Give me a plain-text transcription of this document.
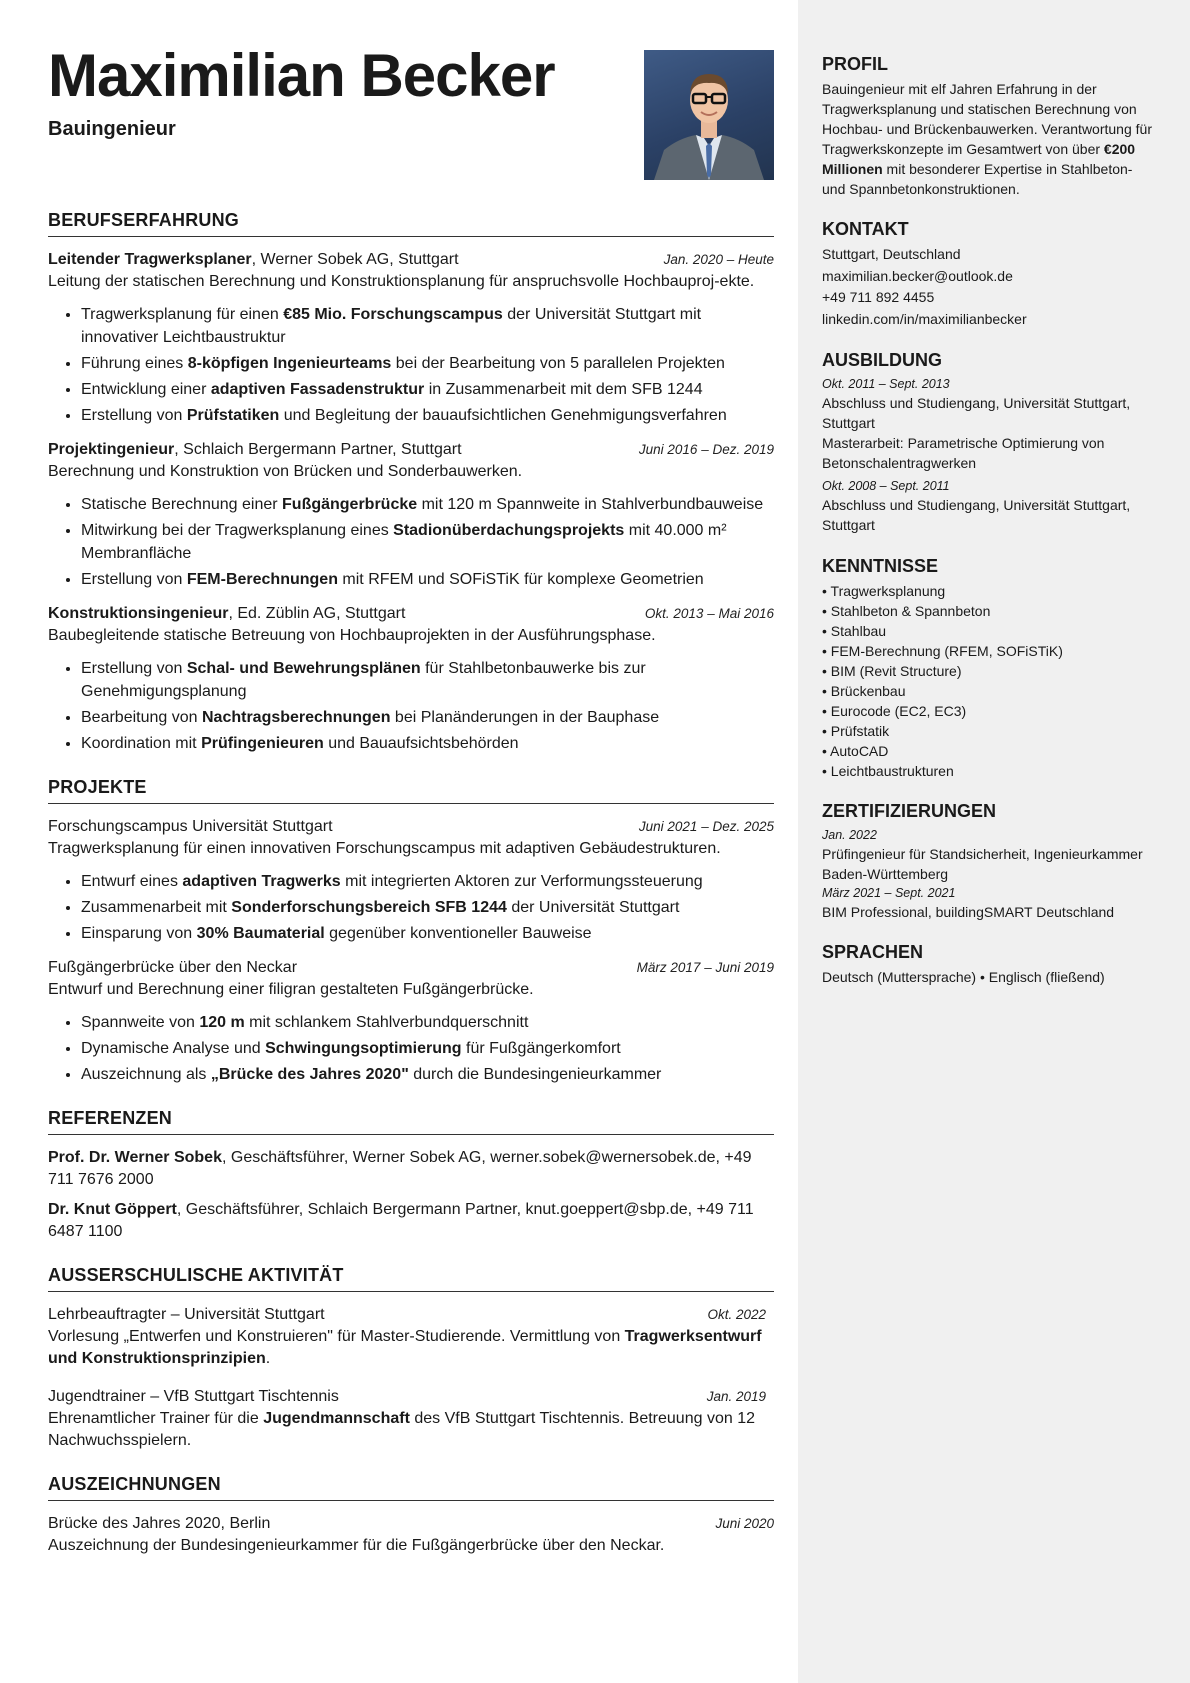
Maximilian Becker
Bauingenieur
BERUFSERFAHRUNG
Leitender Tragwerksplaner, Werner Sobek AG, Stuttgart	Jan. 2020 – Heute
Leitung der statischen Berechnung und Konstruktionsplanung für anspruchsvolle Hochbauproj-ekte.
• Tragwerksplanung für einen €85 Mio. Forschungscampus der Universität Stuttgart mit innovativer Leichtbaustruktur
• Führung eines 8-köpfigen Ingenieurteams bei der Bearbeitung von 5 parallelen Projekten
• Entwicklung einer adaptiven Fassadenstruktur in Zusammenarbeit mit dem SFB 1244
• Erstellung von Prüfstatiken und Begleitung der bauaufsichtlichen Genehmigungsverfahren
Projektingenieur, Schlaich Bergermann Partner, Stuttgart	Juni 2016 – Dez. 2019
Berechnung und Konstruktion von Brücken und Sonderbauwerken.
• Statische Berechnung einer Fußgängerbrücke mit 120 m Spannweite in Stahlverbundbauweise
• Mitwirkung bei der Tragwerksplanung eines Stadionüberdachungsprojekts mit 40.000 m² Membranfläche
• Erstellung von FEM-Berechnungen mit RFEM und SOFiSTiK für komplexe Geometrien
Konstruktionsingenieur, Ed. Züblin AG, Stuttgart	Okt. 2013 – Mai 2016
Baubegleitende statische Betreuung von Hochbauprojekten in der Ausführungsphase.
• Erstellung von Schal- und Bewehrungsplänen für Stahlbetonbauwerke bis zur Genehmigungsplanung
• Bearbeitung von Nachtragsberechnungen bei Planänderungen in der Bauphase
• Koordination mit Prüfingenieuren und Bauaufsichtsbehörden
PROJEKTE
Forschungscampus Universität Stuttgart	Juni 2021 – Dez. 2025
Tragwerksplanung für einen innovativen Forschungscampus mit adaptiven Gebäudestrukturen.
• Entwurf eines adaptiven Tragwerks mit integrierten Aktoren zur Verformungssteuerung
• Zusammenarbeit mit Sonderforschungsbereich SFB 1244 der Universität Stuttgart
• Einsparung von 30% Baumaterial gegenüber konventioneller Bauweise
Fußgängerbrücke über den Neckar	März 2017 – Juni 2019
Entwurf und Berechnung einer filigran gestalteten Fußgängerbrücke.
• Spannweite von 120 m mit schlankem Stahlverbundquerschnitt
• Dynamische Analyse und Schwingungsoptimierung für Fußgängerkomfort
• Auszeichnung als „Brücke des Jahres 2020" durch die Bundesingenieurkammer
REFERENZEN
Prof. Dr. Werner Sobek, Geschäftsführer, Werner Sobek AG, werner.sobek@wernersobek.de, +49 711 7676 2000
Dr. Knut Göppert, Geschäftsführer, Schlaich Bergermann Partner, knut.goeppert@sbp.de, +49 711 6487 1100
AUSSERSCHULISCHE AKTIVITÄT
Lehrbeauftragter – Universität Stuttgart	Okt. 2022
Vorlesung „Entwerfen und Konstruieren" für Master-Studierende. Vermittlung von Tragwerksentwurf und Konstruktionsprinzipien.
Jugendtrainer – VfB Stuttgart Tischtennis	Jan. 2019
Ehrenamtlicher Trainer für die Jugendmannschaft des VfB Stuttgart Tischtennis. Betreuung von 12 Nachwuchsspielern.
AUSZEICHNUNGEN
Brücke des Jahres 2020, Berlin	Juni 2020
Auszeichnung der Bundesingenieurkammer für die Fußgängerbrücke über den Neckar.
PROFIL
Bauingenieur mit elf Jahren Erfahrung in der Tragwerksplanung und statischen Berechnung von Hochbau- und Brückenbauwerken. Verantwortung für Tragwerkskonzepte im Gesamtwert von über €200 Millionen mit besonderer Expertise in Stahlbeton- und Spannbetonkonstruktionen.
KONTAKT
Stuttgart, Deutschland
maximilian.becker@outlook.de
+49 711 892 4455
linkedin.com/in/maximilianbecker
AUSBILDUNG
Okt. 2011 – Sept. 2013
Abschluss und Studiengang, Universität Stuttgart, Stuttgart
Masterarbeit: Parametrische Optimierung von Betonschalentragwerken
Okt. 2008 – Sept. 2011
Abschluss und Studiengang, Universität Stuttgart, Stuttgart
KENNTNISSE
• Tragwerksplanung
• Stahlbeton & Spannbeton
• Stahlbau
• FEM-Berechnung (RFEM, SOFiSTiK)
• BIM (Revit Structure)
• Brückenbau
• Eurocode (EC2, EC3)
• Prüfstatik
• AutoCAD
• Leichtbaustrukturen
ZERTIFIZIERUNGEN
Jan. 2022
Prüfingenieur für Standsicherheit, Ingenieurkammer Baden-Württemberg
März 2021 – Sept. 2021
BIM Professional, buildingSMART Deutschland
SPRACHEN
Deutsch (Muttersprache) • Englisch (fließend)
